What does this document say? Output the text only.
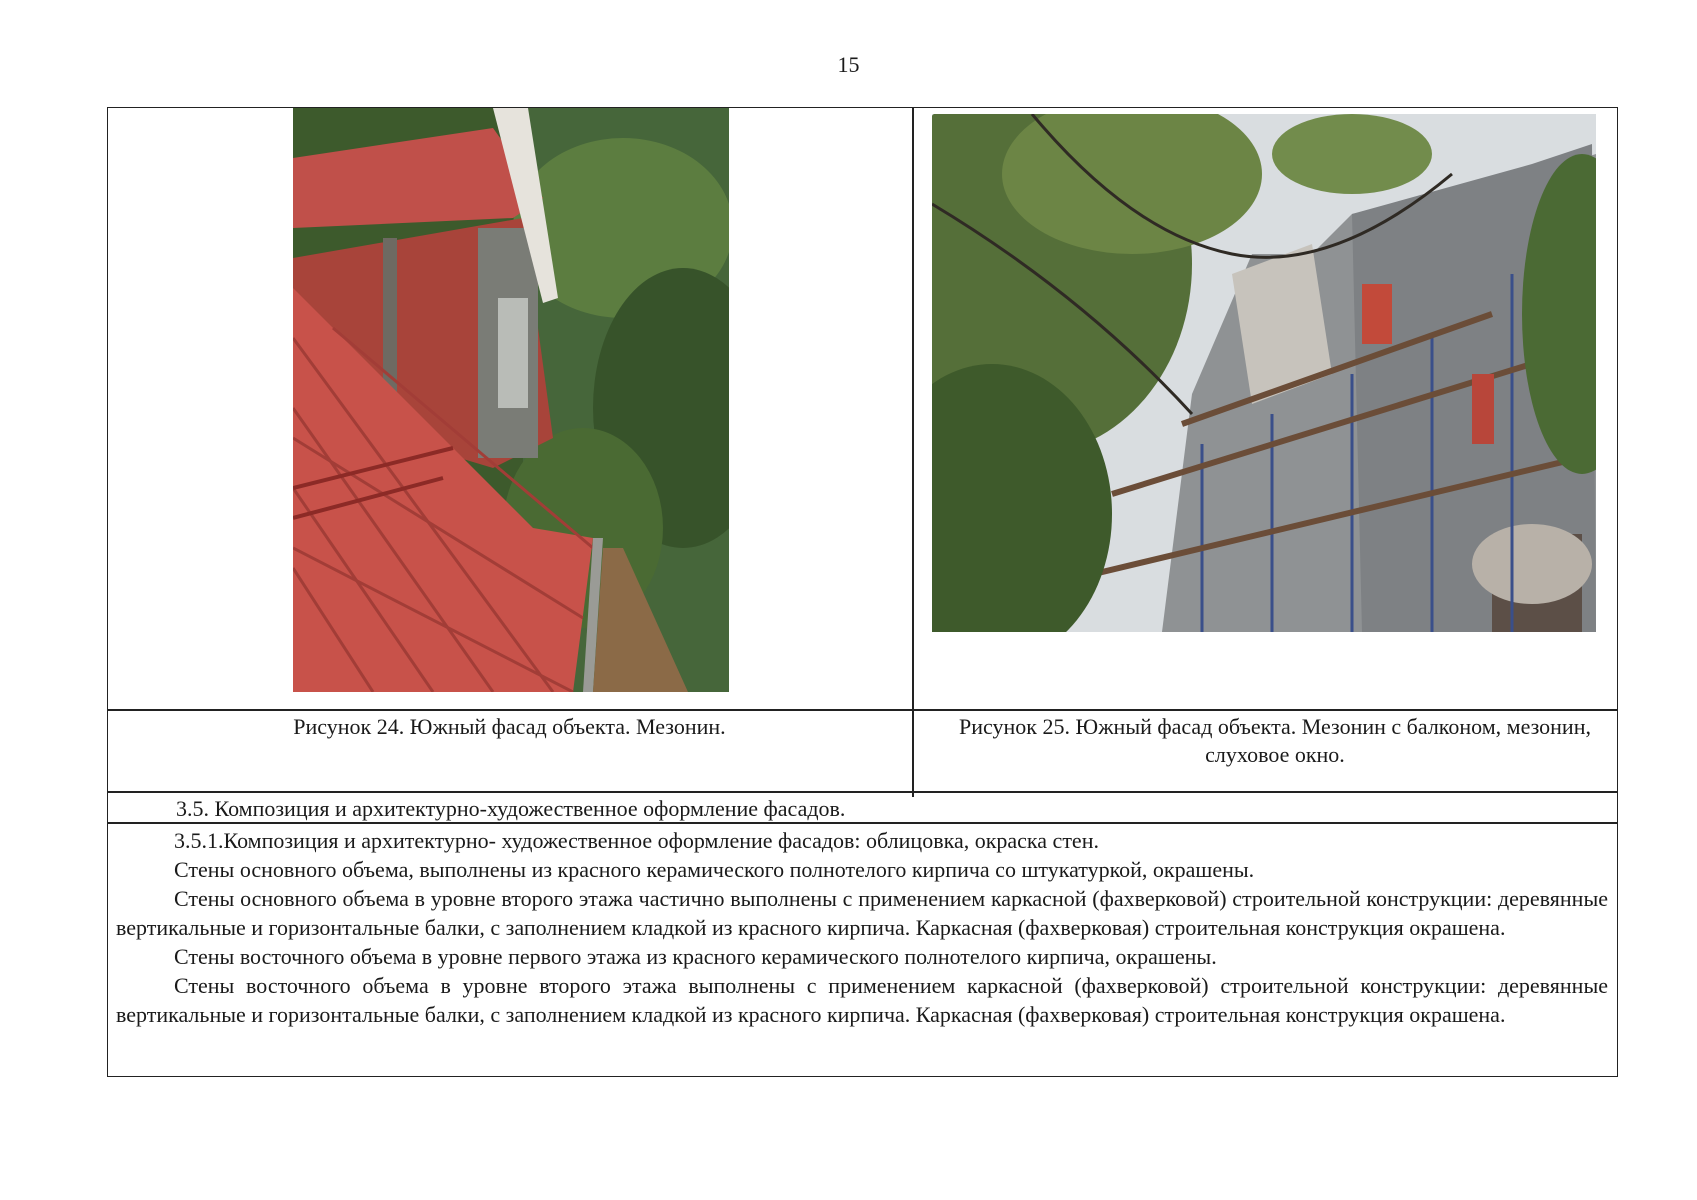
15
Рисунок 24. Южный фасад объекта. Мезонин.	Рисунок 25. Южный фасад объекта. Мезонин с балконом, мезонин, слуховое окно.
3.5. Композиция и архитектурно-художественное оформление фасадов.

3.5.1.Композиция и архитектурно- художественное оформление фасадов: облицовка, окраска стен.

Стены основного объема, выполнены из красного керамического полнотелого кирпича со штукатуркой, окрашены.

Стены основного объема в уровне второго этажа частично выполнены с применением каркасной (фахверковой) строительной конструкции: деревянные вертикальные и горизонтальные балки, с заполнением кладкой из красного кирпича. Каркасная (фахверковая) строительная конструкция окрашена.

Стены восточного объема в уровне первого этажа из красного керамического полнотелого кирпича, окрашены.

Стены восточного объема в уровне второго этажа выполнены с применением каркасной (фахверковой) строительной конструкции: деревянные вертикальные и горизонтальные балки, с заполнением кладкой из красного кирпича. Каркасная (фахверковая) строительная конструкция окрашена.
